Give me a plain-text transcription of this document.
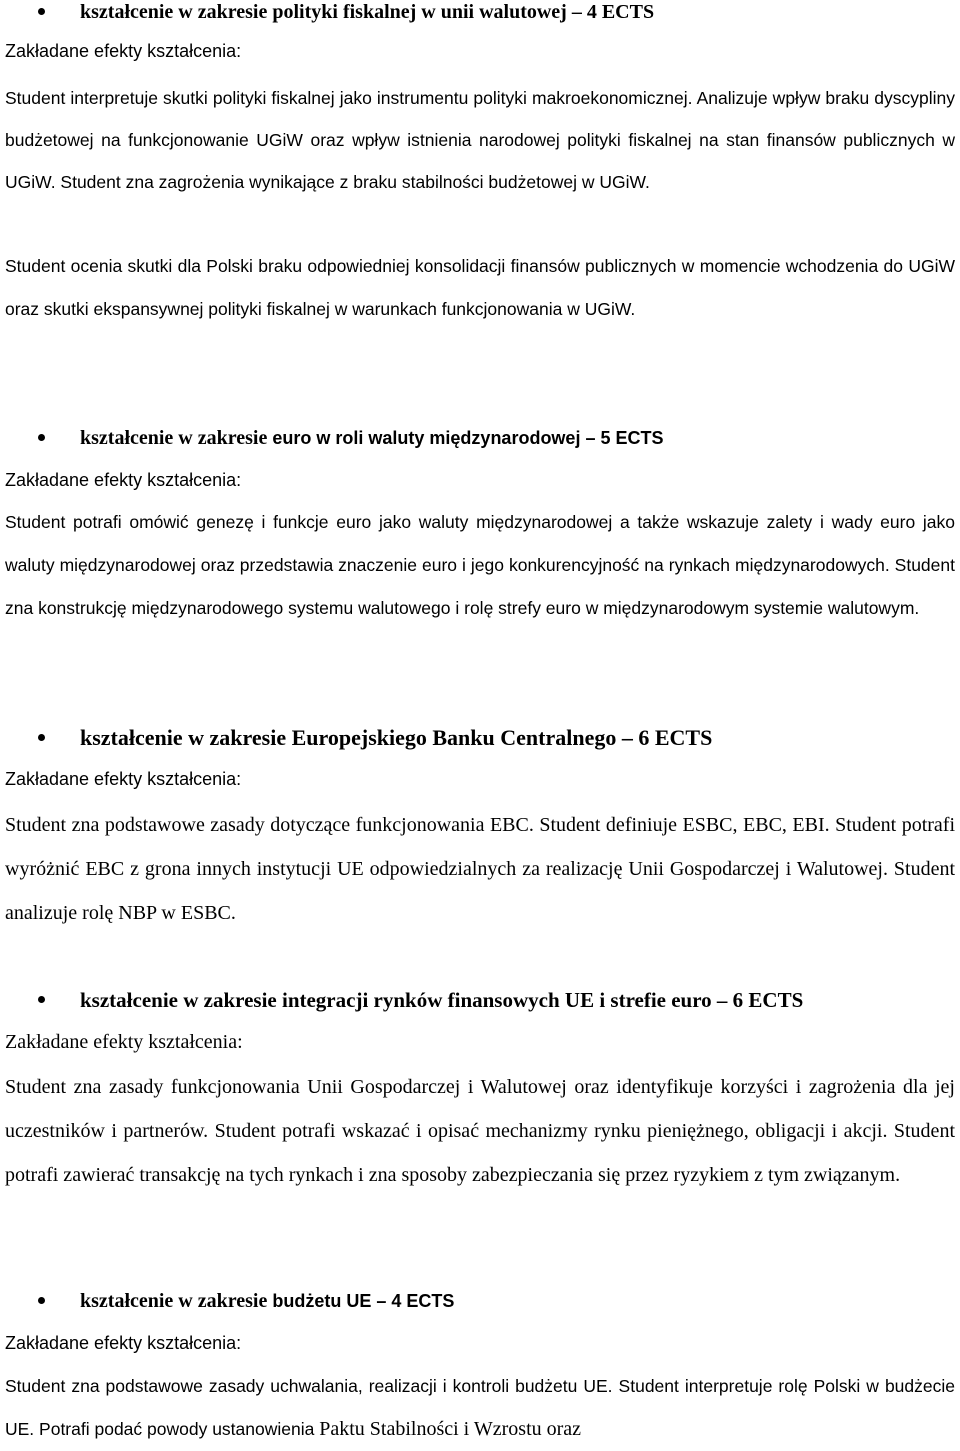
kształcenie w zakresie polityki fiskalnej w unii walutowej – 4 ECTS
Zakładane efekty kształcenia:
Student interpretuje skutki polityki fiskalnej jako instrumentu polityki makroekonomicznej. Analizuje wpływ braku dyscypliny budżetowej na funkcjonowanie UGiW oraz wpływ istnienia narodowej polityki fiskalnej na stan finansów publicznych w UGiW. Student zna zagrożenia wynikające z braku stabilności budżetowej w UGiW.
Student ocenia skutki dla Polski braku odpowiedniej konsolidacji finansów publicznych w momencie wchodzenia do UGiW oraz skutki ekspansywnej polityki fiskalnej w warunkach funkcjonowania w UGiW.
kształcenie w zakresie euro w roli waluty międzynarodowej – 5 ECTS
Zakładane efekty kształcenia:
Student potrafi omówić genezę i funkcje euro jako waluty międzynarodowej a także wskazuje zalety i wady euro jako waluty międzynarodowej oraz przedstawia znaczenie euro i jego konkurencyjność na rynkach międzynarodowych. Student zna konstrukcję międzynarodowego systemu walutowego i rolę strefy euro w międzynarodowym systemie walutowym.
kształcenie w zakresie Europejskiego Banku Centralnego – 6 ECTS
Zakładane efekty kształcenia:
Student zna podstawowe zasady dotyczące funkcjonowania EBC. Student definiuje ESBC, EBC, EBI. Student potrafi wyróżnić EBC z grona innych instytucji UE odpowiedzialnych za realizację Unii Gospodarczej i Walutowej. Student analizuje rolę NBP w ESBC.
kształcenie w zakresie integracji rynków finansowych UE i strefie euro – 6 ECTS
Zakładane efekty kształcenia:
Student zna zasady funkcjonowania Unii Gospodarczej i Walutowej oraz identyfikuje korzyści i zagrożenia dla jej uczestników i partnerów. Student potrafi wskazać i opisać mechanizmy rynku pieniężnego, obligacji i akcji. Student potrafi zawierać transakcję na tych rynkach i zna sposoby zabezpieczania się przez ryzykiem z tym związanym.
kształcenie w zakresie budżetu UE – 4 ECTS
Zakładane efekty kształcenia:
Student zna podstawowe zasady uchwalania, realizacji i kontroli budżetu UE. Student interpretuje rolę Polski w budżecie UE. Potrafi podać powody ustanowienia Paktu Stabilności i Wzrostu oraz
